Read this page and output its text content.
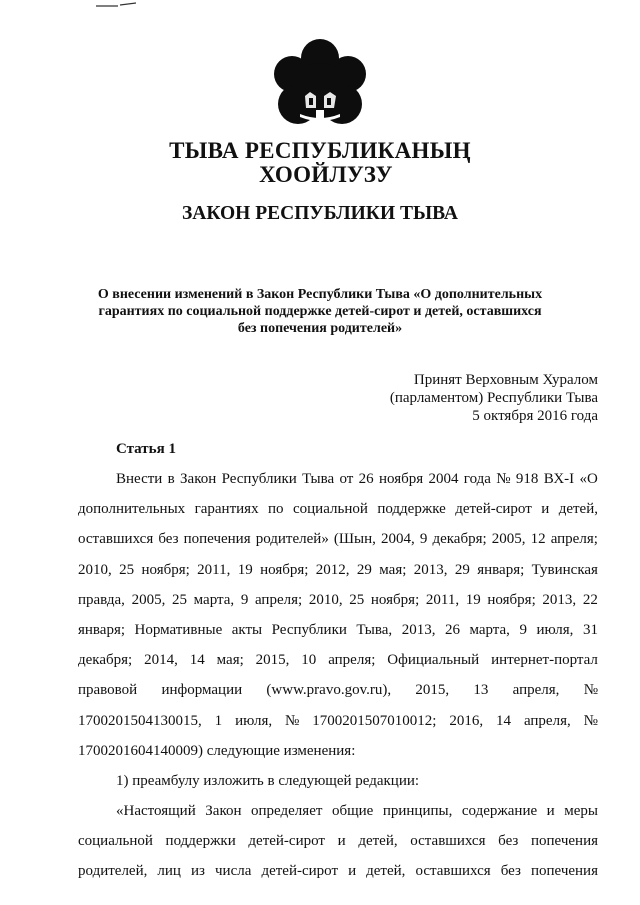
ТЫВА РЕСПУБЛИКАНЫҢ
ХООЙЛУЗУ
ЗАКОН РЕСПУБЛИКИ ТЫВА
О внесении изменений в Закон Республики Тыва «О дополнительных
гарантиях по социальной поддержке детей-сирот и детей, оставшихся
без попечения родителей»
Принят Верховным Хуралом
(парламентом) Республики Тыва
5 октября 2016 года
Статья 1
Внести в Закон Республики Тыва от 26 ноября 2004 года № 918 ВХ-I «О
дополнительных гарантиях по социальной поддержке детей-сирот и детей,
оставшихся без попечения родителей» (Шын, 2004, 9 декабря; 2005, 12 апреля;
2010, 25 ноября; 2011, 19 ноября; 2012, 29 мая; 2013, 29 января; Тувинская
правда, 2005, 25 марта, 9 апреля; 2010, 25 ноября; 2011, 19 ноября; 2013, 22
января; Нормативные акты Республики Тыва, 2013, 26 марта, 9 июля, 31
декабря; 2014, 14 мая; 2015, 10 апреля; Официальный интернет-портал
правовой информации (www.pravo.gov.ru), 2015, 13 апреля, №
1700201504130015, 1 июля, № 1700201507010012; 2016, 14 апреля, №
1700201604140009) следующие изменения:
1) преамбулу изложить в следующей редакции:
«Настоящий Закон определяет общие принципы, содержание и меры
социальной поддержки детей-сирот и детей, оставшихся без попечения
родителей, лиц из числа детей-сирот и детей, оставшихся без попечения
